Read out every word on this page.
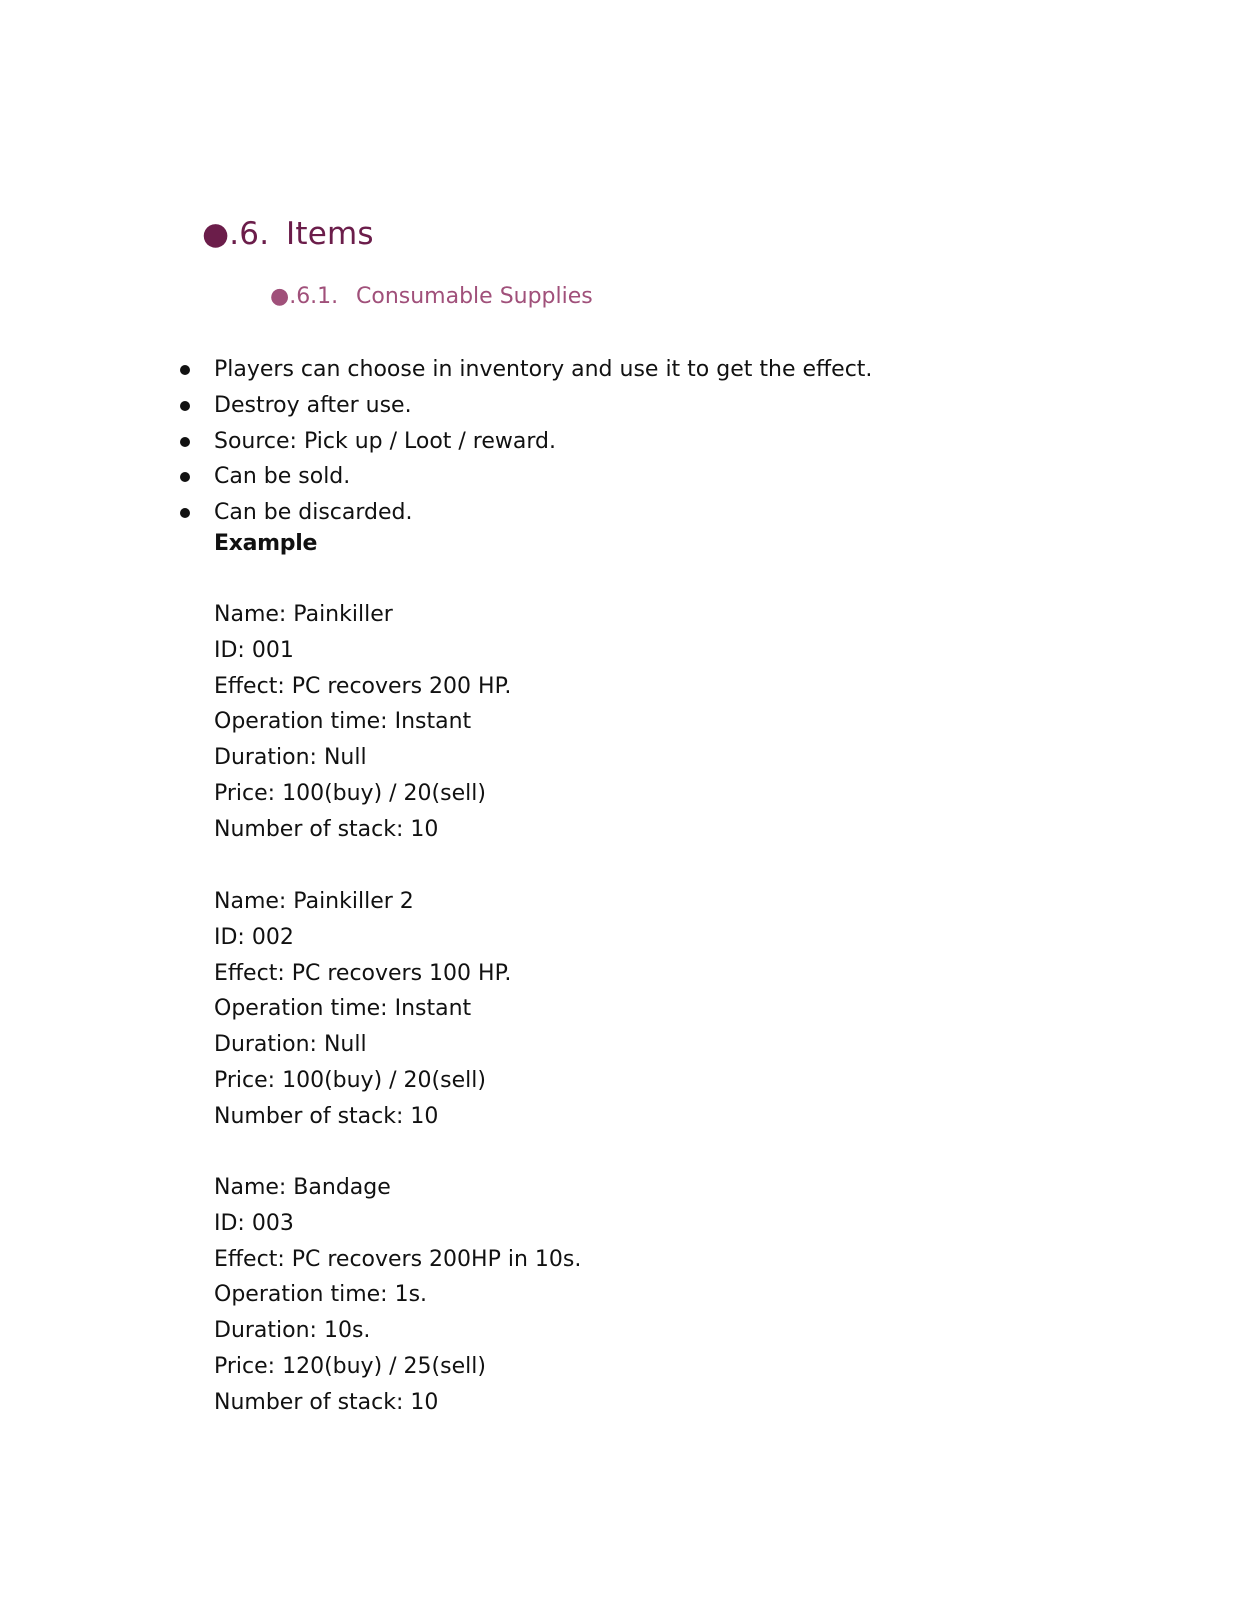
●.6. Items
●.6.1. Consumable Supplies
Players can choose in inventory and use it to get the effect.
Destroy after use.
Source: Pick up / Loot / reward.
Can be sold.
Can be discarded.
Example
Name: Painkiller
ID: 001
Effect: PC recovers 200 HP.
Operation time: Instant
Duration: Null
Price: 100(buy) / 20(sell)
Number of stack: 10
Name: Painkiller 2
ID: 002
Effect: PC recovers 100 HP.
Operation time: Instant
Duration: Null
Price: 100(buy) / 20(sell)
Number of stack: 10
Name: Bandage
ID: 003
Effect: PC recovers 200HP in 10s.
Operation time: 1s.
Duration: 10s.
Price: 120(buy) / 25(sell)
Number of stack: 10
